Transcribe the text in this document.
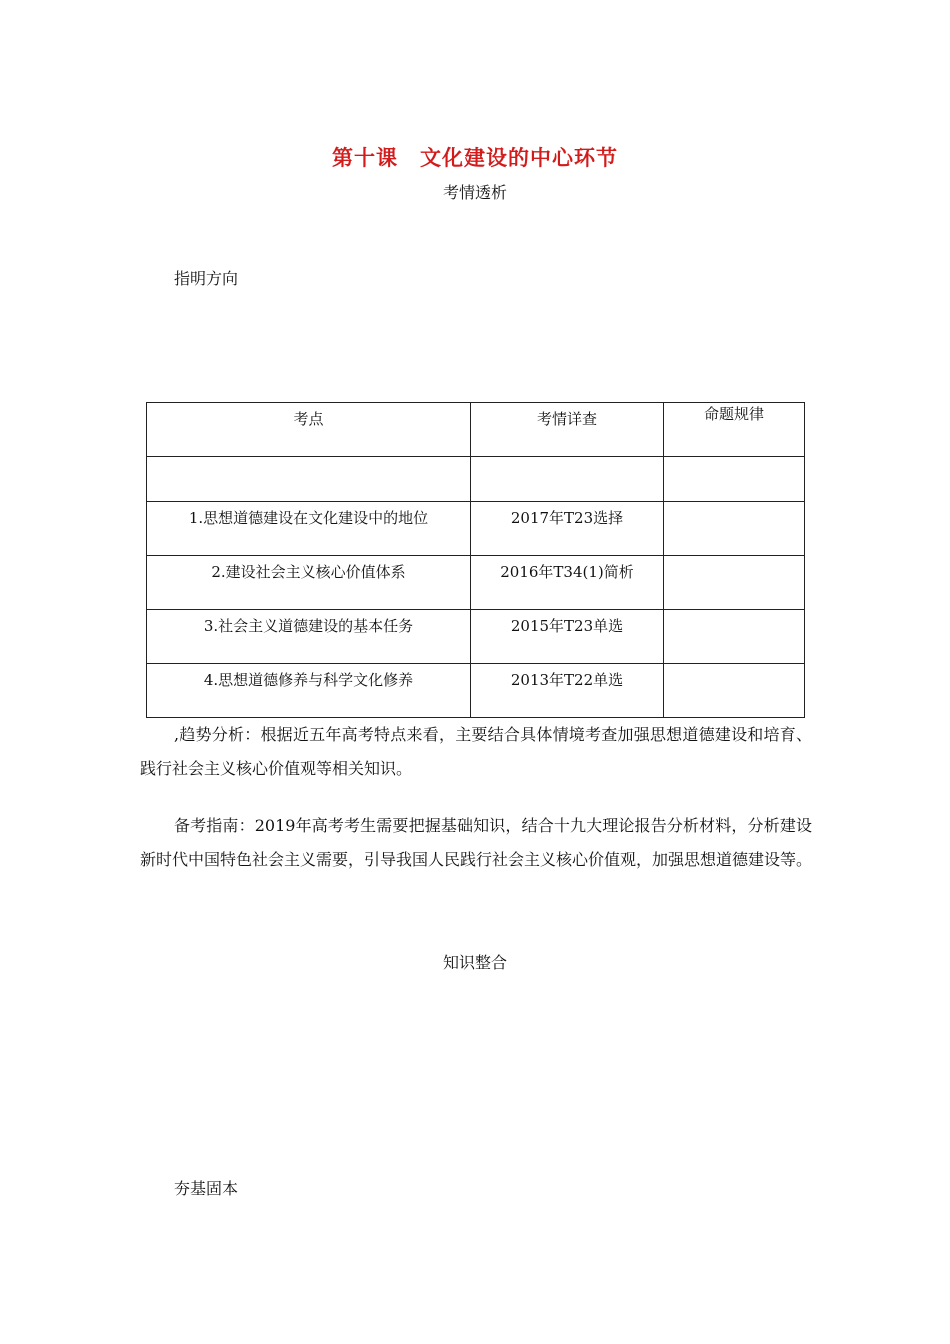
第十课　文化建设的中心环节
考情透析
指明方向
考点	考情详查	命题规律

1.思想道德建设在文化建设中的地位	2017年T23选择	

2.建设社会主义核心价值体系	2016年T34(1)简析	

3.社会主义道德建设的基本任务	2015年T23单选	

4.思想道德修养与科学文化修养	2013年T22单选	

,趋势分析：根据近五年高考特点来看，主要结合具体情境考查加强思想道德建设和培育、践行社会主义核心价值观等相关知识。
备考指南：2019年高考考生需要把握基础知识，结合十九大理论报告分析材料，分析建设新时代中国特色社会主义需要，引导我国人民践行社会主义核心价值观，加强思想道德建设等。
知识整合
夯基固本
